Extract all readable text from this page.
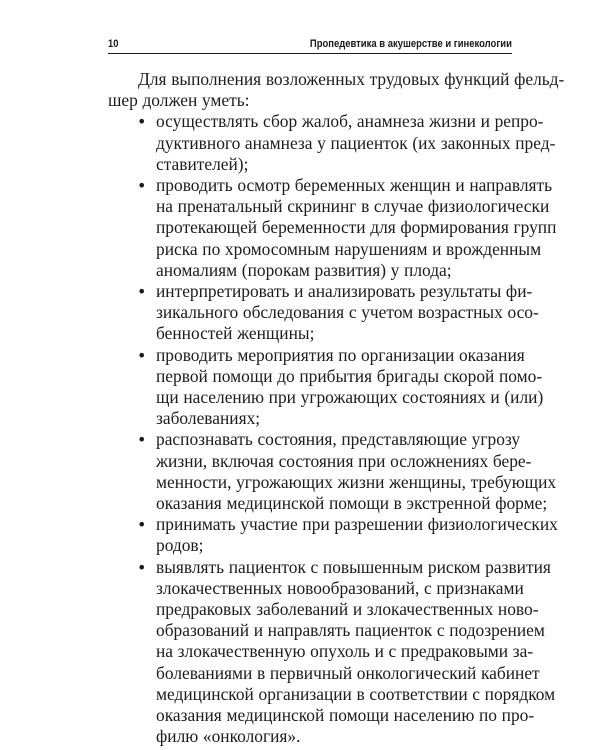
10	Пропедевтика в акушерстве и гинекологии
Для выполнения возложенных трудовых функций фельд-
шер должен уметь:
• осуществлять сбор жалоб, анамнеза жизни и репро-
дуктивного анамнеза у пациенток (их законных пред-
ставителей);
• проводить осмотр беременных женщин и направлять
на пренатальный скрининг в случае физиологически
протекающей беременности для формирования групп
риска по хромосомным нарушениям и врожденным
аномалиям (порокам развития) у плода;
• интерпретировать и анализировать результаты фи-
зикального обследования с учетом возрастных осо-
бенностей женщины;
• проводить мероприятия по организации оказания
первой помощи до прибытия бригады скорой помо-
щи населению при угрожающих состояниях и (или)
заболеваниях;
• распознавать состояния, представляющие угрозу
жизни, включая состояния при осложнениях бере-
менности, угрожающих жизни женщины, требующих
оказания медицинской помощи в экстренной форме;
• принимать участие при разрешении физиологических
родов;
• выявлять пациенток с повышенным риском развития
злокачественных новообразований, с признаками
предраковых заболеваний и злокачественных ново-
образований и направлять пациенток с подозрением
на злокачественную опухоль и с предраковыми за-
болеваниями в первичный онкологический кабинет
медицинской организации в соответствии с порядком
оказания медицинской помощи населению по про-
филю «онкология».
